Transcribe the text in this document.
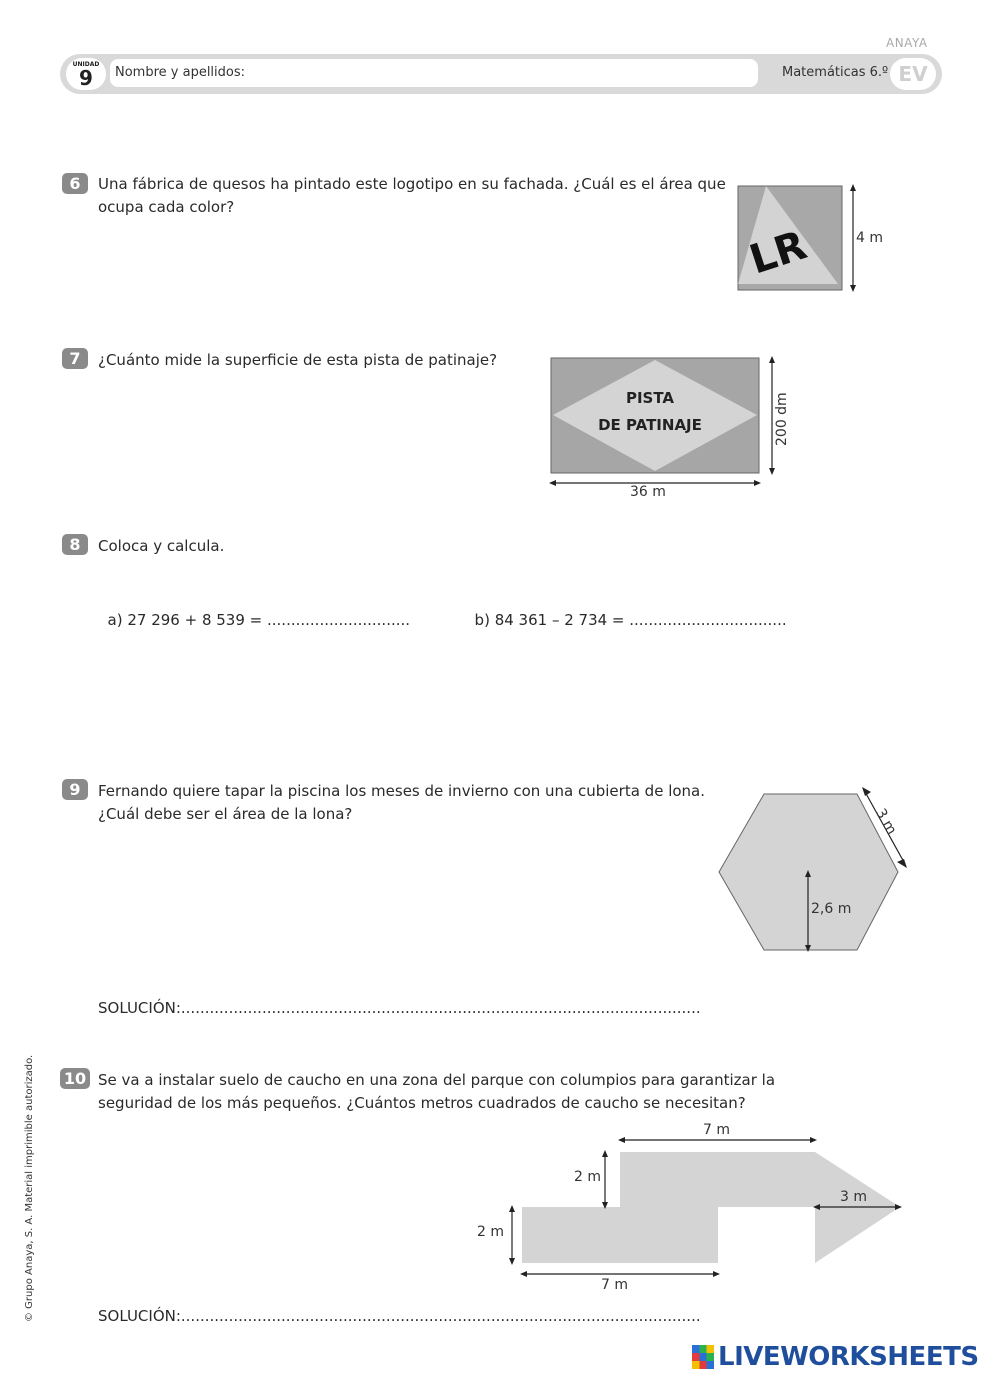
ANAYA
UNIDAD
9	Nombre y apellidos:	Matemáticas 6.º EV
© Grupo Anaya, S. A. Material imprimible autorizado.
6	Una fábrica de quesos ha pintado este logotipo en su fachada. ¿Cuál es el área que
ocupa cada color?
LR	4 m
7	¿Cuánto mide la superficie de esta pista de patinaje?
PISTA
DE PATINAJE	200 dm
36 m
8	Coloca y calcula.

a) 27 296 + 8 539 = ..............................	b) 84 361 – 2 734 = .................................

9	Fernando quiere tapar la piscina los meses de invierno con una cubierta de lona.
¿Cuál debe ser el área de la lona?	3 m
2,6 m
SOLUCIÓN:.............................................................................................................
10 Se va a instalar suelo de caucho en una zona del parque con columpios para garantizar la
seguridad de los más pequeños. ¿Cuántos metros cuadrados de caucho se necesitan?
7 m
2 m
2 m
7 m
3 m
SOLUCIÓN:.............................................................................................................
LIVEWORKSHEETS
